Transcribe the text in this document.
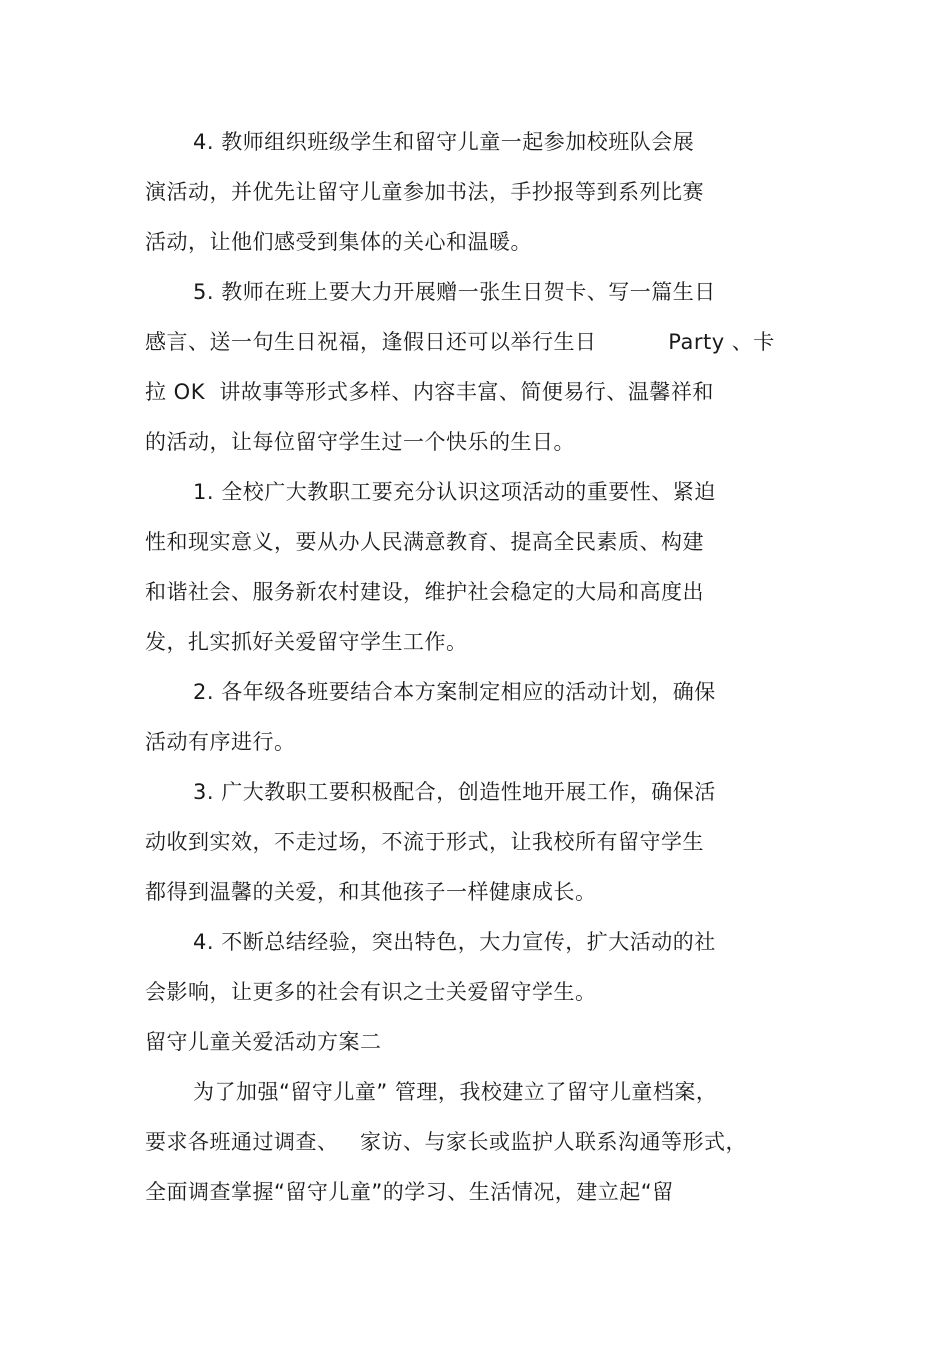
4. 教师组织班级学生和留守儿童一起参加校班队会展
演活动，并优先让留守儿童参加书法，手抄报等到系列比赛
活动，让他们感受到集体的关心和温暖。
5. 教师在班上要大力开展赠一张生日贺卡、写一篇生日
感言、送一句生日祝福，逢假日还可以举行生日          Party 、卡
拉 OK  讲故事等形式多样、内容丰富、简便易行、温馨祥和
的活动，让每位留守学生过一个快乐的生日。
1. 全校广大教职工要充分认识这项活动的重要性、紧迫
性和现实意义，要从办人民满意教育、提高全民素质、构建
和谐社会、服务新农村建设，维护社会稳定的大局和高度出
发，扎实抓好关爱留守学生工作。
2. 各年级各班要结合本方案制定相应的活动计划，确保
活动有序进行。
3. 广大教职工要积极配合，创造性地开展工作，确保活
动收到实效，不走过场，不流于形式，让我校所有留守学生
都得到温馨的关爱，和其他孩子一样健康成长。
4. 不断总结经验，突出特色，大力宣传，扩大活动的社
会影响，让更多的社会有识之士关爱留守学生。
留守儿童关爱活动方案二
为了加强“留守儿童” 管理，我校建立了留守儿童档案，
要求各班通过调查、   家访、与家长或监护人联系沟通等形式，
全面调查掌握“留守儿童”的学习、生活情况，建立起“留
